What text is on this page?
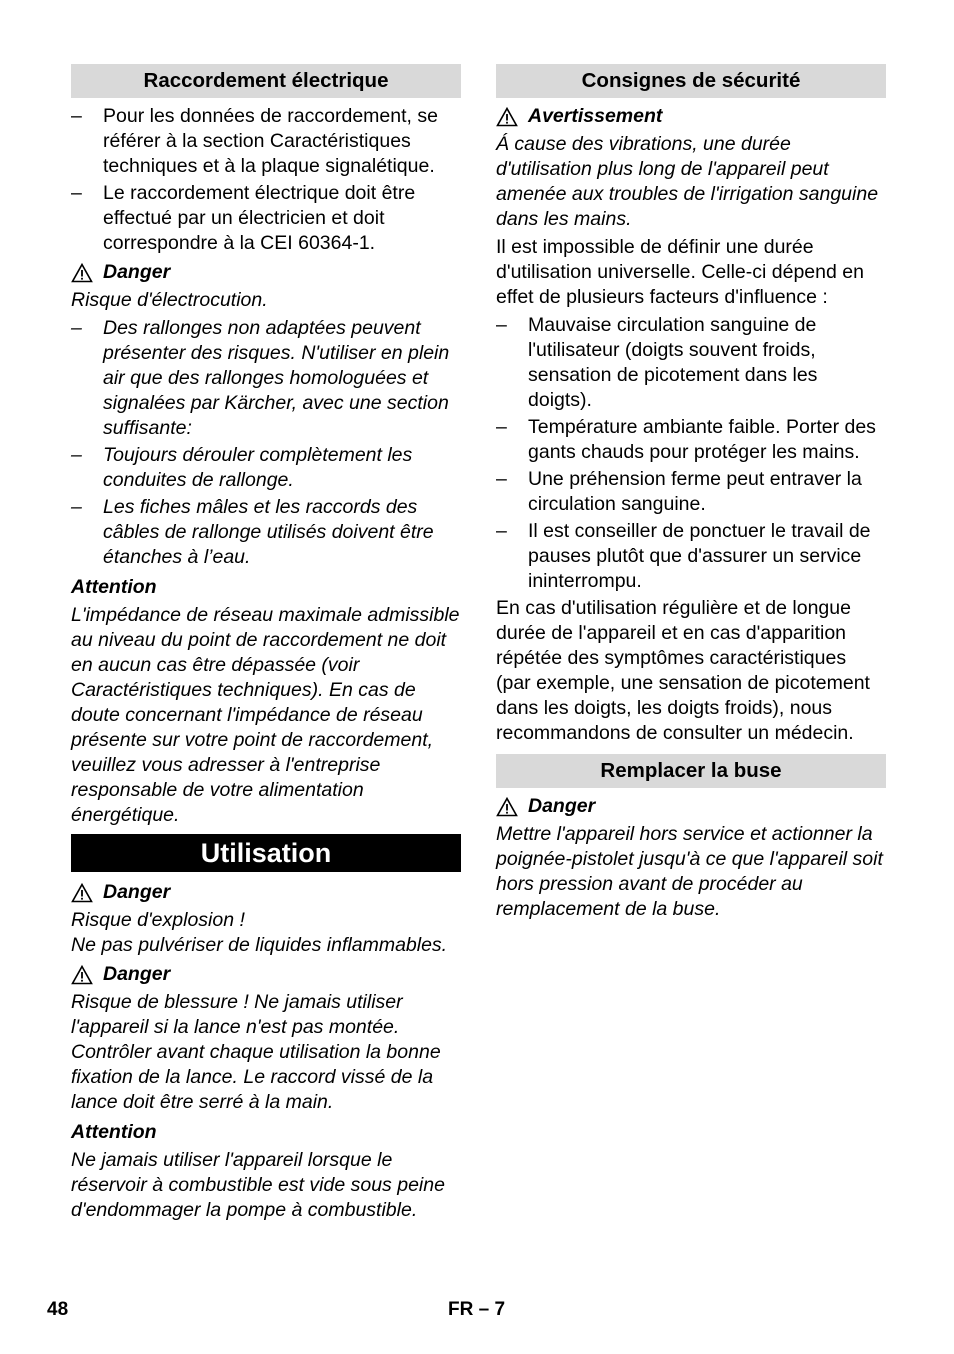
Raccordement électrique
– Pour les données de raccordement, se référer à la section Caractéristiques techniques et à la plaque signalétique.
– Le raccordement électrique doit être effectué par un électricien et doit correspondre à la CEI 60364-1.
Danger

Risque d'électrocution.

– Des rallonges non adaptées peuvent présenter des risques. N'utiliser en plein air que des rallonges homologuées et signalées par Kärcher, avec une section suffisante:
– Toujours dérouler complètement les conduites de rallonge.
– Les fiches mâles et les raccords des câbles de rallonge utilisés doivent être étanches à l’eau.
Attention

L'impédance de réseau maximale admissible au niveau du point de raccordement ne doit en aucun cas être dépassée (voir Caractéristiques techniques). En cas de doute concernant l'impédance de réseau présente sur votre point de raccordement, veuillez vous adresser à l'entreprise responsable de votre alimentation énergétique.

Utilisation
Danger

Risque d'explosion !

Ne pas pulvériser de liquides inflammables.

Danger

Risque de blessure ! Ne jamais utiliser l'appareil si la lance n'est pas montée. Contrôler avant chaque utilisation la bonne fixation de la lance. Le raccord vissé de la lance doit être serré à la main.

Attention

Ne jamais utiliser l'appareil lorsque le réservoir à combustible est vide sous peine d'endommager la pompe à combustible.

Consignes de sécurité
Avertissement

Á cause des vibrations, une durée d'utilisation plus long de l'appareil peut amenée aux troubles de l'irrigation sanguine dans les mains.

Il est impossible de définir une durée d'utilisation universelle. Celle-ci dépend en effet de plusieurs facteurs d'influence :

– Mauvaise circulation sanguine de l'utilisateur (doigts souvent froids, sensation de picotement dans les doigts).
– Température ambiante faible. Porter des gants chauds pour protéger les mains.
– Une préhension ferme peut entraver la circulation sanguine.
– Il est conseiller de ponctuer le travail de pauses plutôt que d'assurer un service ininterrompu.

En cas d'utilisation régulière et de longue durée de l'appareil et en cas d'apparition répétée des symptômes caractéristiques (par exemple, une sensation de picotement dans les doigts, les doigts froids), nous recommandons de consulter un médecin.

Remplacer la buse
Danger

Mettre l'appareil hors service et actionner la poignée-pistolet jusqu'à ce que l'appareil soit hors pression avant de procéder au remplacement de la buse.

48	FR – 7
